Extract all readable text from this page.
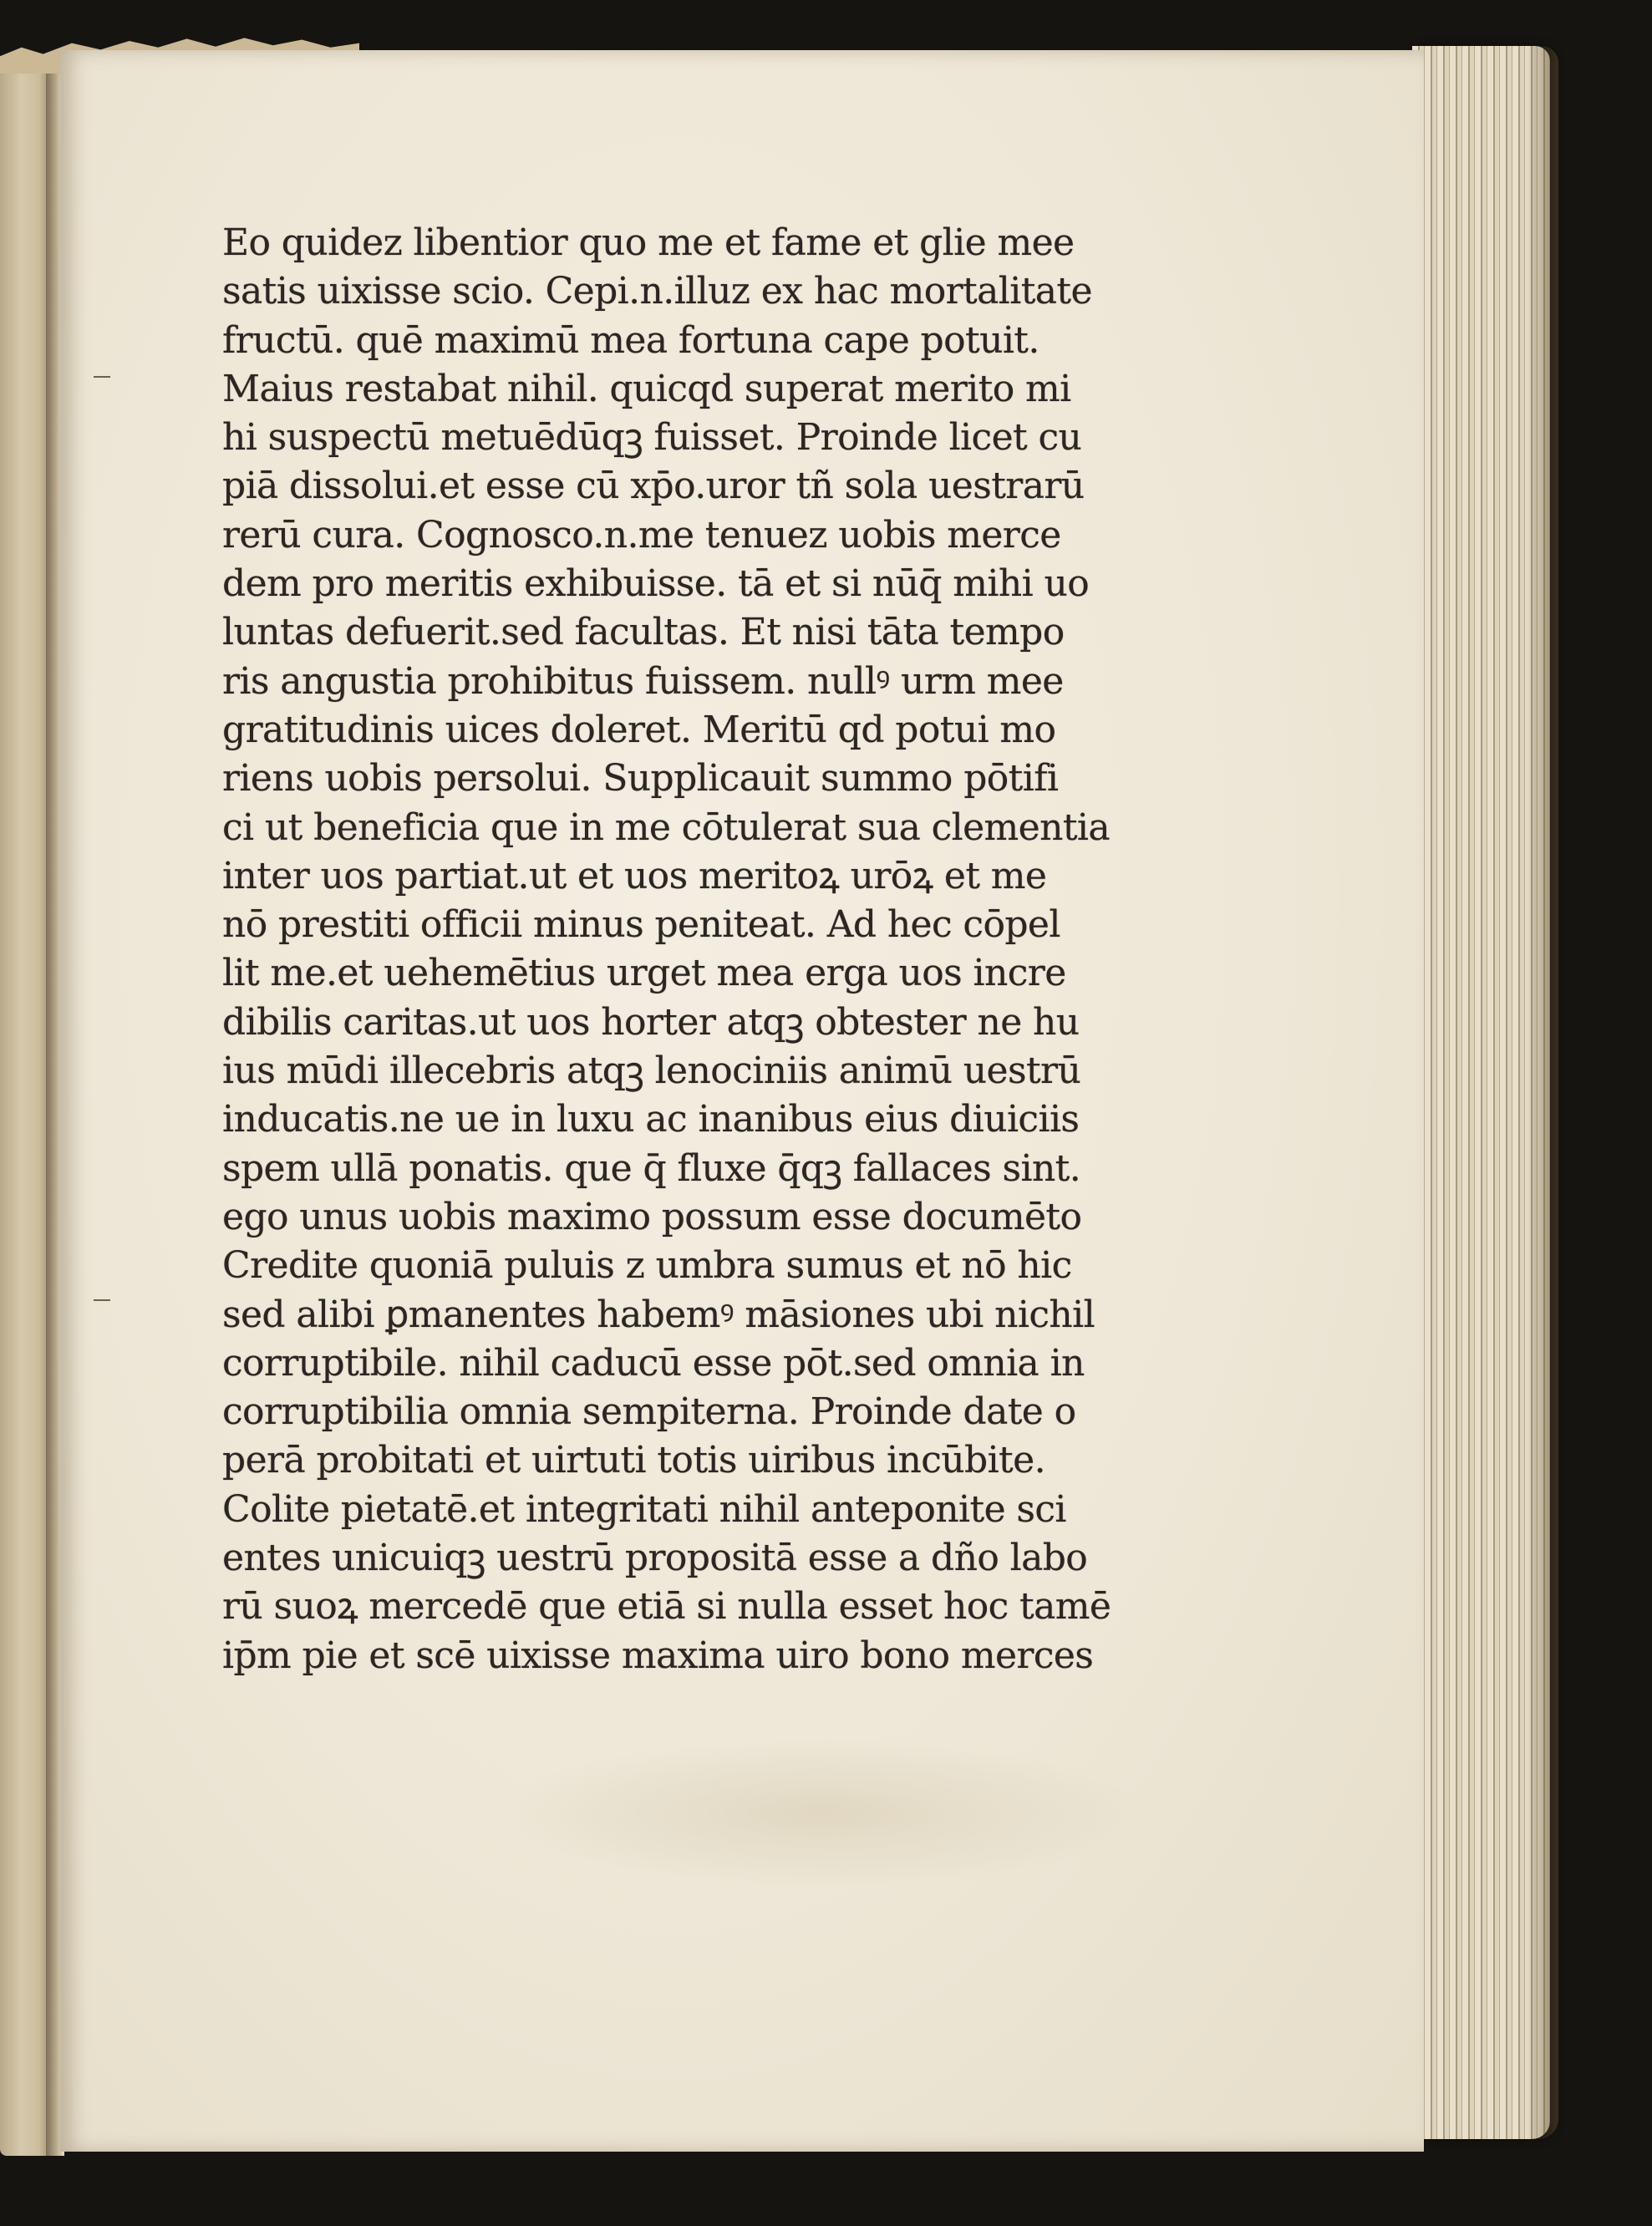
Eo quidez libentior quo me et fame et glie mee
satis uixisse scio. Cepi.n.illuz ex hac mortalitate
fructū. quē maximū mea fortuna cape potuit.
Maius restabat nihil. quicqd superat merito mi
hi suspectū metuēdūqꝫ fuisset. Proinde licet cu
piā dissolui.et esse cū xp̄o.uror tñ sola uestrarū
rerū cura. Cognosco.n.me tenuez uobis merce
dem pro meritis exhibuisse. tā et si nūq̄ mihi uo
luntas defuerit.sed facultas. Et nisi tāta tempo
ris angustia prohibitus fuissem. nullꝰ urm mee
gratitudinis uices doleret. Meritū qd potui mo
riens uobis persolui. Supplicauit summo pōtifi
ci ut beneficia que in me cōtulerat sua clementia
inter uos partiat.ut et uos meritoꝝ urōꝝ et me
nō prestiti officii minus peniteat. Ad hec cōpel
lit me.et uehemētius urget mea erga uos incre
dibilis caritas.ut uos horter atqꝫ obtester ne hu
ius mūdi illecebris atqꝫ lenociniis animū uestrū
inducatis.ne ue in luxu ac inanibus eius diuiciis
spem ullā ponatis. que q̄ fluxe q̄qꝫ fallaces sint.
ego unus uobis maximo possum esse documēto
Credite quoniā puluis z umbra sumus et nō hic
sed alibi ꝑmanentes habemꝰ māsiones ubi nichil
corruptibile. nihil caducū esse pōt.sed omnia in
corruptibilia omnia sempiterna. Proinde date o
perā probitati et uirtuti totis uiribus incūbite.
Colite pietatē.et integritati nihil anteponite sci
entes unicuiqꝫ uestrū propositā esse a dño labo
rū suoꝝ mercedē que etiā si nulla esset hoc tamē
ip̄m pie et scē uixisse maxima uiro bono merces
